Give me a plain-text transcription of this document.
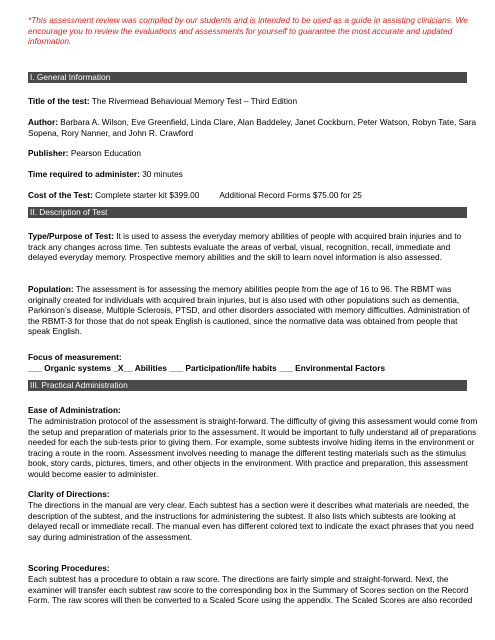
*This assessment review was compiled by our students and is intended to be used as a guide in assisting clinicians. We encourage you to review the evaluations and assessments for yourself to guarantee the most accurate and updated information.
I. General Information
Title of the test: The Rivermead Behavioual Memory Test – Third Edition
Author: Barbara A. Wilson, Eve Greenfield, Linda Clare, Alan Baddeley, Janet Cockburn, Peter Watson, Robyn Tate, Sara Sopena, Rory Nanner, and John R. Crawford
Publisher: Pearson Education
Time required to administer: 30 minutes
Cost of the Test: Complete starter kit $399.00 Additional Record Forms $75.00 for 25
II. Description of Test
Type/Purpose of Test: It is used to assess the everyday memory abilities of people with acquired brain injuries and to track any changes across time. Ten subtests evaluate the areas of verbal, visual, recognition, recall, immediate and delayed everyday memory. Prospective memory abilities and the skill to learn novel information is also assessed.
Population: The assessment is for assessing the memory abilities people from the age of 16 to 96. The RBMT was originally created for individuals with acquired brain injuries, but is also used with other populations such as dementia, Parkinson’s disease, Multiple Sclerosis, PTSD, and other disorders associated with memory difficulties. Administration of the RBMT-3 for those that do not speak English is cautioned, since the normative data was obtained from people that speak English.
Focus of measurement:
___ Organic systems _X__ Abilities ___ Participation/life habits ___ Environmental Factors
III. Practical Administration
Ease of Administration:
The administration protocol of the assessment is straight-forward. The difficulty of giving this assessment would come from the setup and preparation of materials prior to the assessment. It would be important to fully understand all of preparations needed for each the sub-tests prior to giving them. For example, some subtests involve hiding items in the environment or tracing a route in the room. Assessment involves needing to manage the different testing materials such as the stimulus book, story cards, pictures, timers, and other objects in the environment. With practice and preparation, this assessment would become easier to administer.
Clarity of Directions:
The directions in the manual are very clear. Each subtest has a section were it describes what materials are needed, the description of the subtest, and the instructions for administering the subtest. It also lists which subtests are looking at delayed recall or immediate recall. The manual even has different colored text to indicate the exact phrases that you need say during administration of the assessment.
Scoring Procedures:
Each subtest has a procedure to obtain a raw score. The directions are fairly simple and straight-forward. Next, the examiner will transfer each subtest raw score to the corresponding box in the Summary of Scores section on the Record Form. The raw scores will then be converted to a Scaled Score using the appendix. The Scaled Scores are also recorded
